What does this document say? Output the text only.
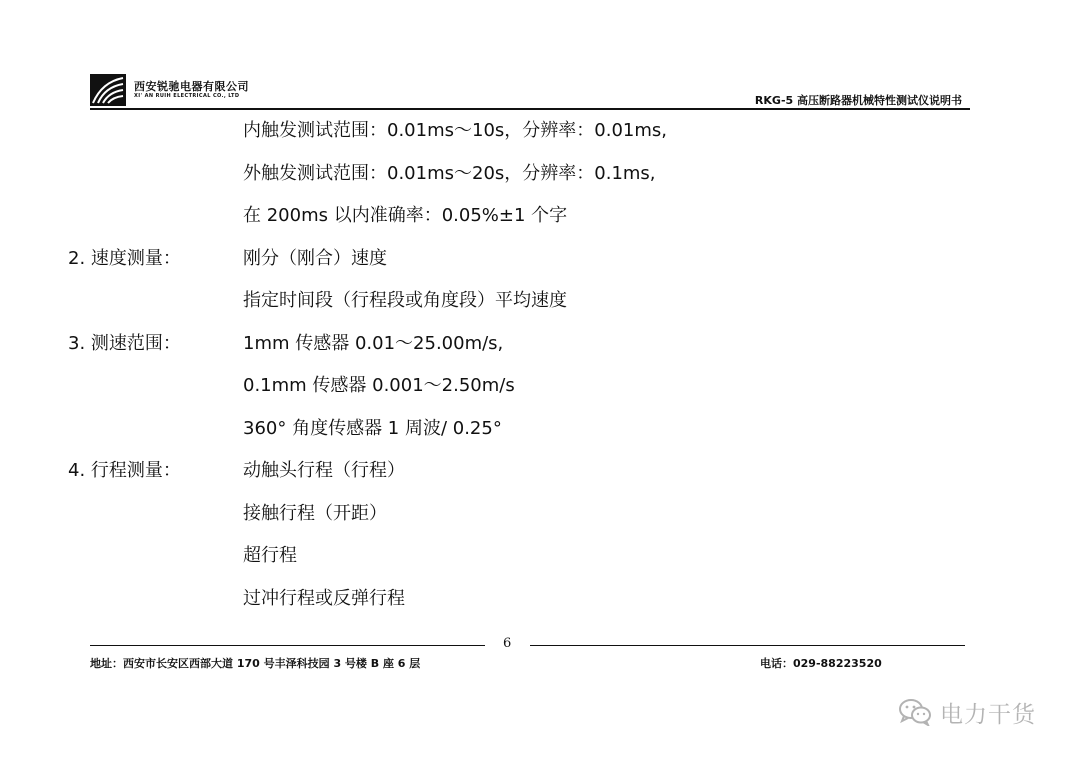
西安锐驰电器有限公司
XI' AN RUIH ELECTRICAL CO., LTD	RKG-5 高压断路器机械特性测试仪说明书
内触发测试范围：0.01ms～10s，分辨率：0.01ms,
外触发测试范围：0.01ms～20s，分辨率：0.1ms,
在 200ms 以内准确率：0.05%±1 个字
2. 速度测量：	刚分（刚合）速度
指定时间段（行程段或角度段）平均速度
3. 测速范围：	1mm 传感器 0.01～25.00m/s,
0.1mm 传感器 0.001～2.50m/s
360° 角度传感器 1 周波/ 0.25°
4. 行程测量：	动触头行程（行程）
接触行程（开距）
超行程
过冲行程或反弹行程
6
地址：西安市长安区西部大道 170 号丰泽科技园 3 号楼 B 座 6 层	电话：029-88223520
电力干货
